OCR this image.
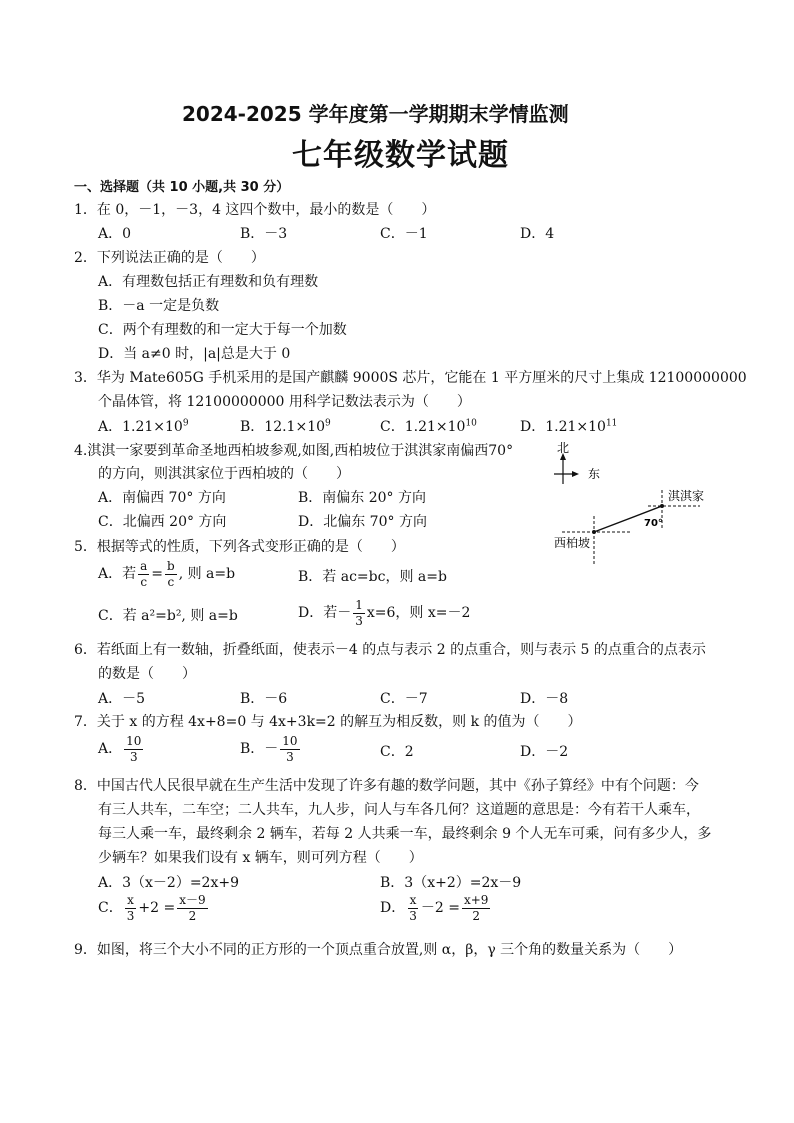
2024-2025 学年度第一学期期末学情监测
七年级数学试题
一、选择题（共 10 小题,共 30 分）
1．在 0，－1，－3，4 这四个数中，最小的数是（　　）
A．0	B．－3	C．－1	D．4
2．下列说法正确的是（　　）
A．有理数包括正有理数和负有理数
B．－a 一定是负数
C．两个有理数的和一定大于每一个加数
D．当 a≠0 时，|a|总是大于 0
3．华为 Mate605G 手机采用的是国产麒麟 9000S 芯片，它能在 1 平方厘米的尺寸上集成 12100000000
个晶体管，将 12100000000 用科学记数法表示为（　　）
A．$1.21\times 10^9$	B．$12.1\times 10^9$	C．$1.21\times 10^{10}$	D．$1.21\times 10^{11}$
4.淇淇一家要到革命圣地西柏坡参观,如图,西柏坡位于淇淇家南偏西70°
的方向，则淇淇家位于西柏坡的（　　）
A．南偏西 70° 方向	B．南偏东 20° 方向
C．北偏西 20° 方向	D．北偏东 70° 方向
北
东
淇淇家
70°
西柏坡
5．根据等式的性质，下列各式变形正确的是（　　）
A．若 $\frac{a}{c} = \frac{b}{c}$ , 则 a=b	B．若 ac=bc，则 a=b
C．若 a²=b², 则 a=b	D．若－ $\frac{1}{3} x=6$，则 x=－2
6．若纸面上有一数轴，折叠纸面，使表示－4 的点与表示 2 的点重合，则与表示 5 的点重合的点表示
的数是（　　）
A．－5	B．－6	C．－7	D．－8
7．关于 x 的方程 4x+8=0 与 4x+3k=2 的解互为相反数，则 k 的值为（　　）
A． $\frac{10}{3}$	B．－ $\frac{10}{3}$	C．2	D．－2
8．中国古代人民很早就在生产生活中发现了许多有趣的数学问题，其中《孙子算经》中有个问题：今
有三人共车，二车空；二人共车，九人步，问人与车各几何？这道题的意思是：今有若干人乘车，
每三人乘一车，最终剩余 2 辆车，若每 2 人共乘一车，最终剩余 9 个人无车可乘，问有多少人，多
少辆车？如果我们设有 x 辆车，则可列方程（　　）
A．3（x－2）=2x+9	B．3（x+2）=2x－9
C． $\frac{x}{3} +2 = \frac{x-9}{2}$	D． $\frac{x}{3} -2 = \frac{x+9}{2}$
9．如图，将三个大小不同的正方形的一个顶点重合放置,则 α，β，γ 三个角的数量关系为（　　）
